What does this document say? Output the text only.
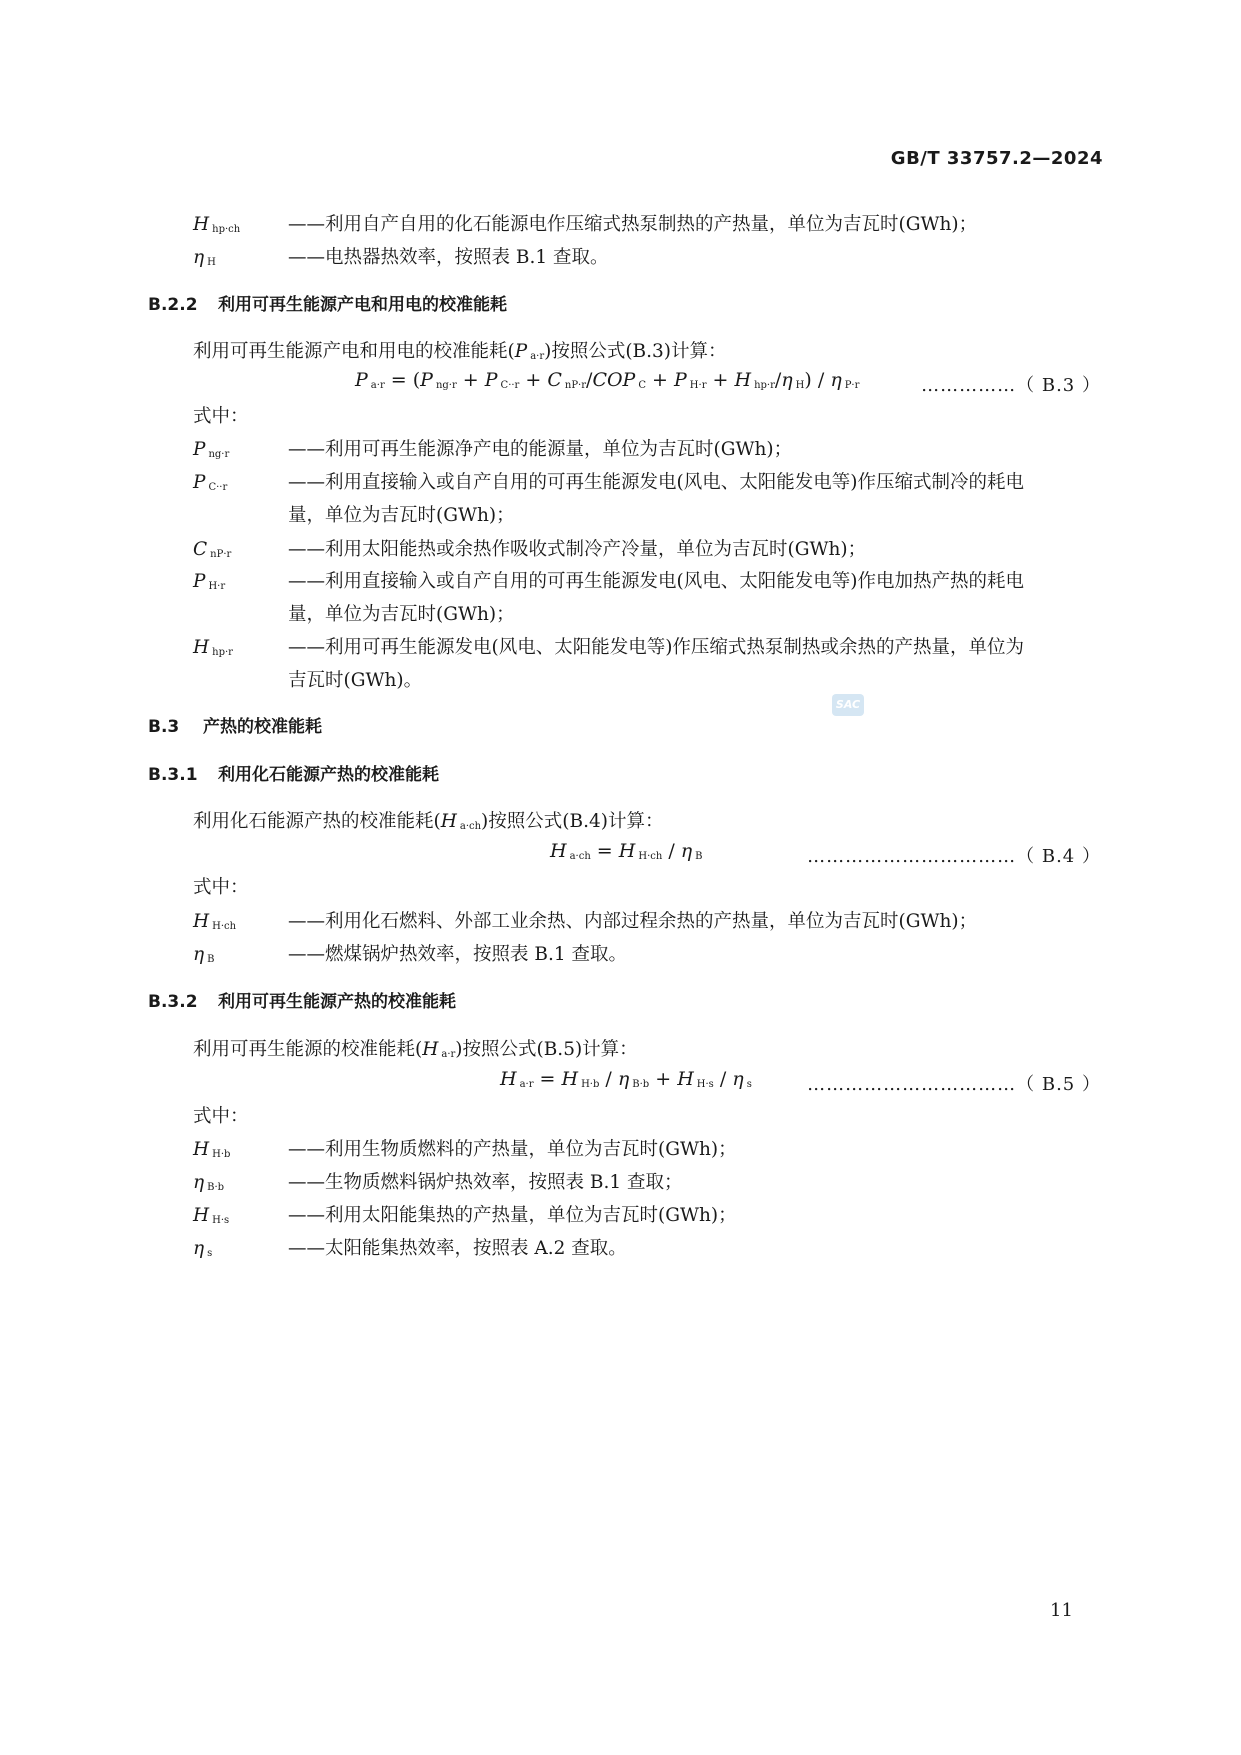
GB/T 33757.2—2024
H $_{hp\cdot ch}$	——利用自产自用的化石能源电作压缩式热泵制热的产热量，单位为吉瓦时(GWh)；
η $_H$	——电热器热效率，按照表 B.1 查取。
B.2.2 利用可再生能源产电和用电的校准能耗
利用可再生能源产电和用电的校准能耗(P $_{a\cdot r}$)按照公式(B.3)计算：
P $_{a\cdot r}$ = (P $_{ng\cdot r}$ + P $_{C\cdot\cdot r}$ + C $_{nP\cdot r}$/COP $_C$ + P $_{H\cdot r}$ + H $_{hp\cdot r}$/η $_H$) / η $_{P\cdot r}$	……………（ B.3 ）
式中：
P $_{ng\cdot r}$	——利用可再生能源净产电的能源量，单位为吉瓦时(GWh)；
P $_{C\cdot\cdot r}$	——利用直接输入或自产自用的可再生能源发电(风电、太阳能发电等)作压缩式制冷的耗电
量，单位为吉瓦时(GWh)；
C $_{nP\cdot r}$	——利用太阳能热或余热作吸收式制冷产冷量，单位为吉瓦时(GWh)；
P $_{H\cdot r}$	——利用直接输入或自产自用的可再生能源发电(风电、太阳能发电等)作电加热产热的耗电
量，单位为吉瓦时(GWh)；
H $_{hp\cdot r}$	——利用可再生能源发电(风电、太阳能发电等)作压缩式热泵制热或余热的产热量，单位为
吉瓦时(GWh)。
SAC
B.3 产热的校准能耗
B.3.1 利用化石能源产热的校准能耗
利用化石能源产热的校准能耗(H $_{a\cdot ch}$)按照公式(B.4)计算：
H $_{a\cdot ch}$ = H $_{H\cdot ch}$ / η $_B$	……………………………（ B.4 ）
式中：
H $_{H\cdot ch}$	——利用化石燃料、外部工业余热、内部过程余热的产热量，单位为吉瓦时(GWh)；
η $_B$	——燃煤锅炉热效率，按照表 B.1 查取。
B.3.2 利用可再生能源产热的校准能耗
利用可再生能源的校准能耗(H $_{a\cdot r}$)按照公式(B.5)计算：
H $_{a\cdot r}$ = H $_{H\cdot b}$ / η $_{B\cdot b}$ + H $_{H\cdot s}$ / η $_s$	……………………………（ B.5 ）
式中：
H $_{H\cdot b}$	——利用生物质燃料的产热量，单位为吉瓦时(GWh)；
η $_{B\cdot b}$	——生物质燃料锅炉热效率，按照表 B.1 查取；
H $_{H\cdot s}$	——利用太阳能集热的产热量，单位为吉瓦时(GWh)；
η $_s$	——太阳能集热效率，按照表 A.2 查取。
11
